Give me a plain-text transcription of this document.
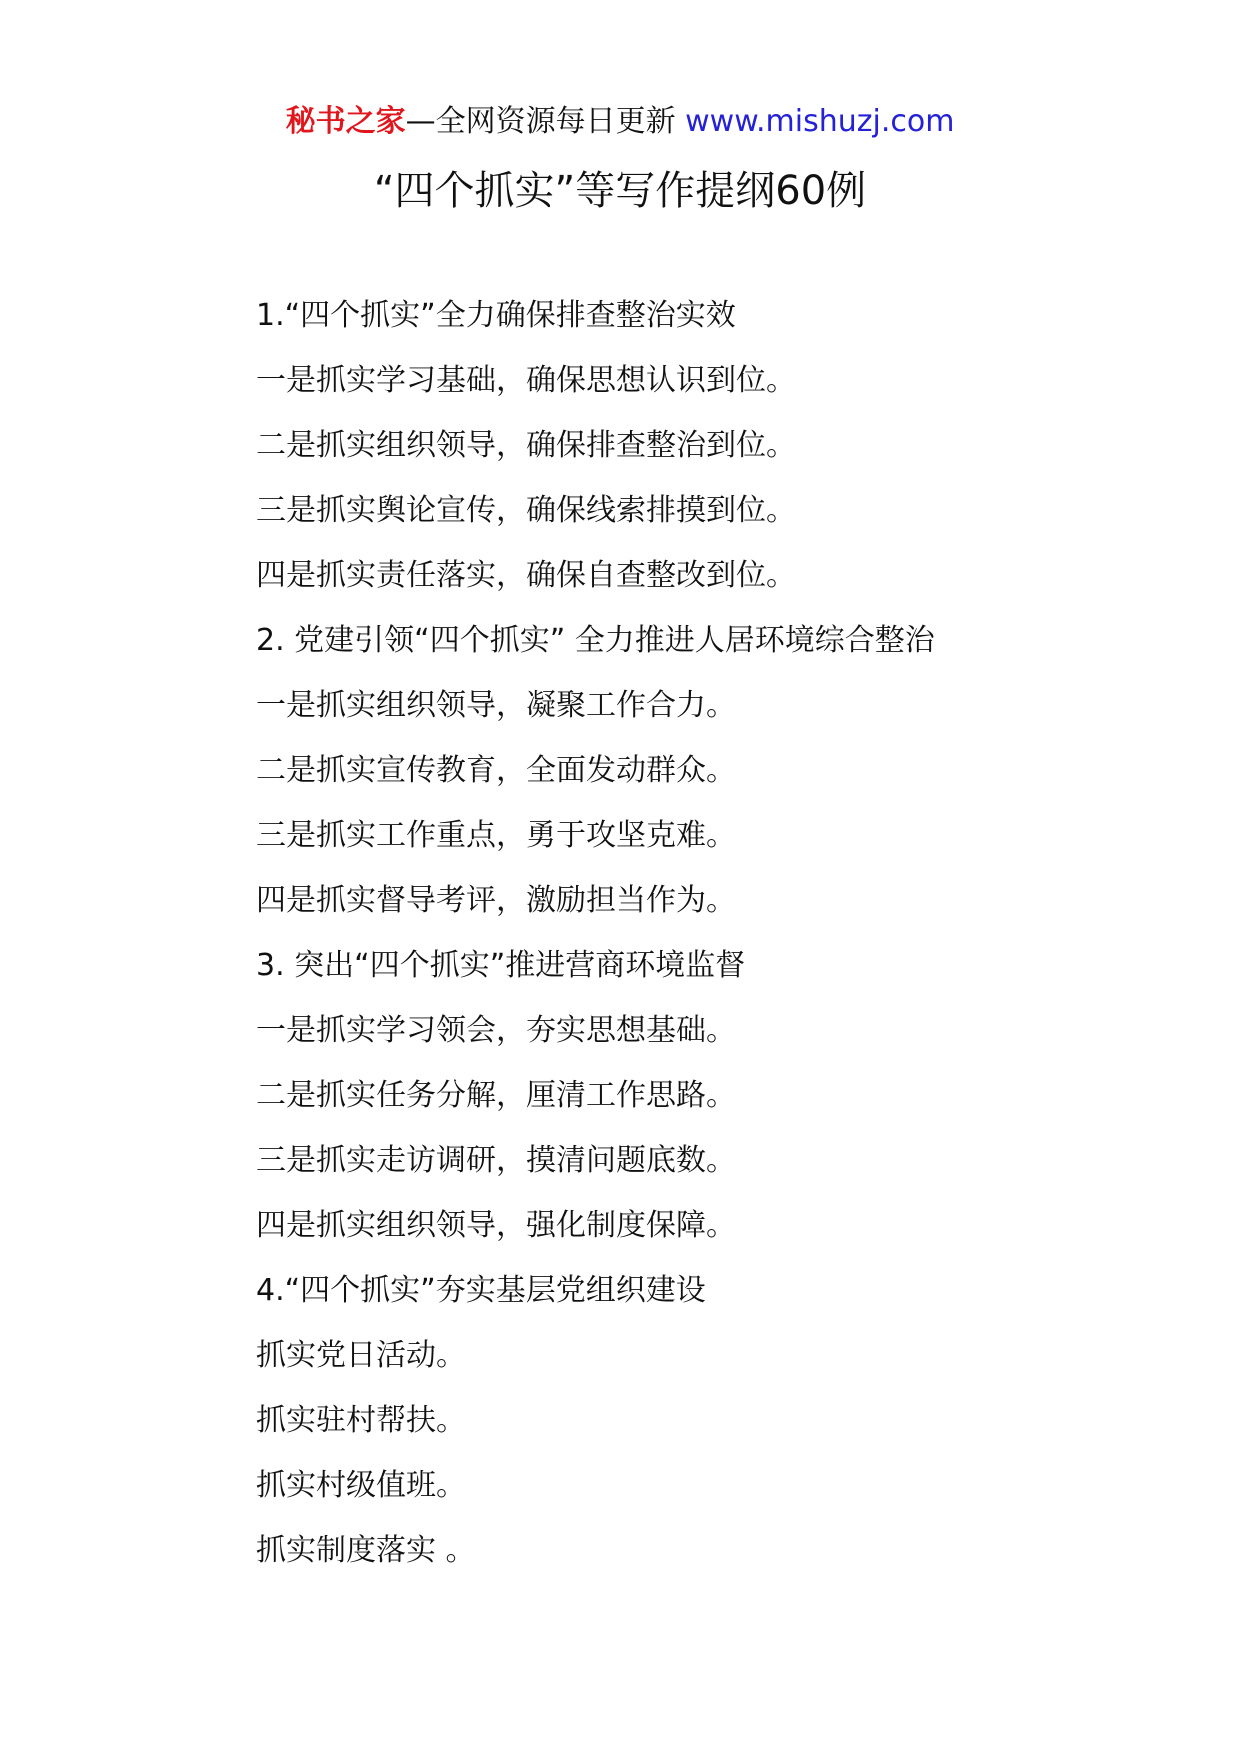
秘书之家—全网资源每日更新 www.mishuzj.com
“四个抓实”等写作提纲60例
1.“四个抓实”全力确保排查整治实效
一是抓实学习基础，确保思想认识到位。
二是抓实组织领导，确保排查整治到位。
三是抓实舆论宣传，确保线索排摸到位。
四是抓实责任落实，确保自查整改到位。
2. 党建引领“四个抓实” 全力推进人居环境综合整治
一是抓实组织领导，凝聚工作合力。
二是抓实宣传教育，全面发动群众。
三是抓实工作重点，勇于攻坚克难。
四是抓实督导考评，激励担当作为。
3. 突出“四个抓实”推进营商环境监督
一是抓实学习领会，夯实思想基础。
二是抓实任务分解，厘清工作思路。
三是抓实走访调研，摸清问题底数。
四是抓实组织领导，强化制度保障。
4.“四个抓实”夯实基层党组织建设
抓实党日活动。
抓实驻村帮扶。
抓实村级值班。
抓实制度落实 。
